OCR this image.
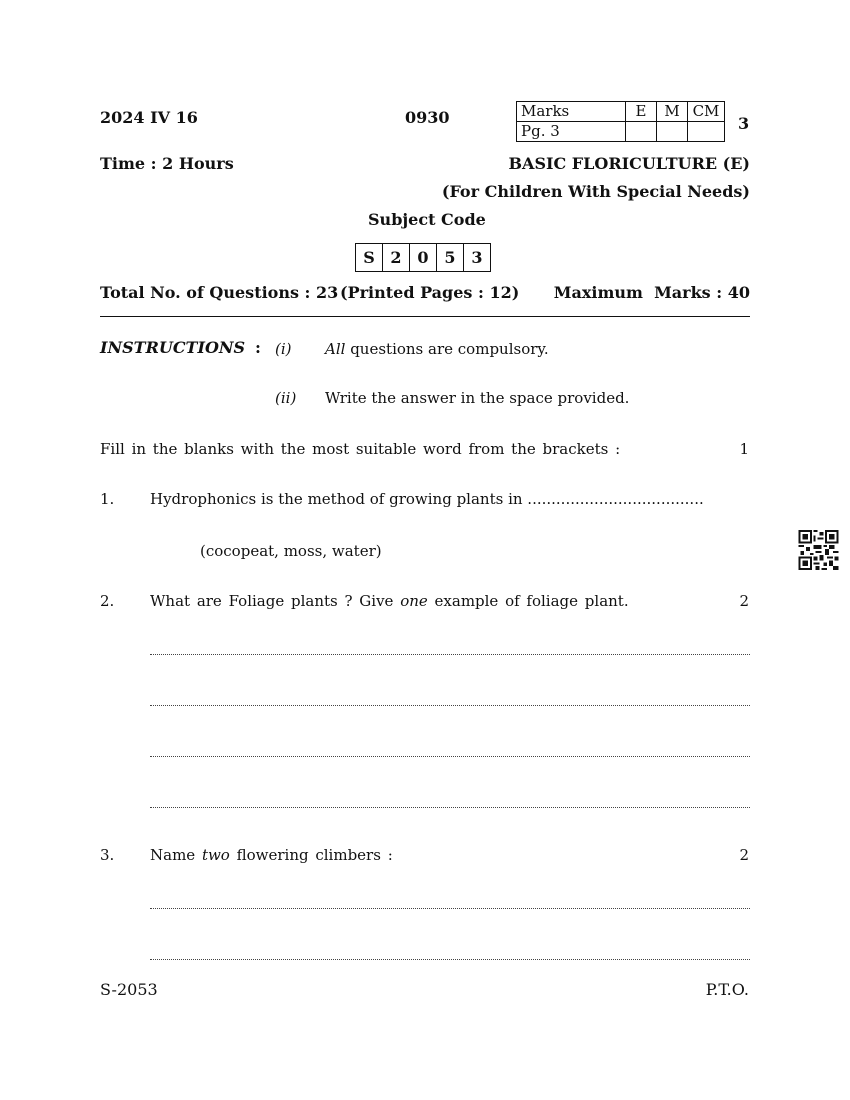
2024 IV 16	0930	Marks	E	M	CM
Pg. 3				3
Time : 2 Hours	BASIC FLORICULTURE (E)
(For Children With Special Needs)
Subject Code
S 2 0 5 3
Total No. of Questions : 23 (Printed Pages : 12) Maximum  Marks : 40
INSTRUCTIONS : (i) All questions are compulsory.
(ii) Write the answer in the space provided.
Fill in the blanks with the most suitable word from the brackets :	1
1. Hydrophonics is the method of growing plants in .....................................
(cocopeat, moss, water)
2. What are Foliage plants ? Give one example of foliage plant.	2
3. Name two flowering climbers :	2
S-2053	P.T.O.
